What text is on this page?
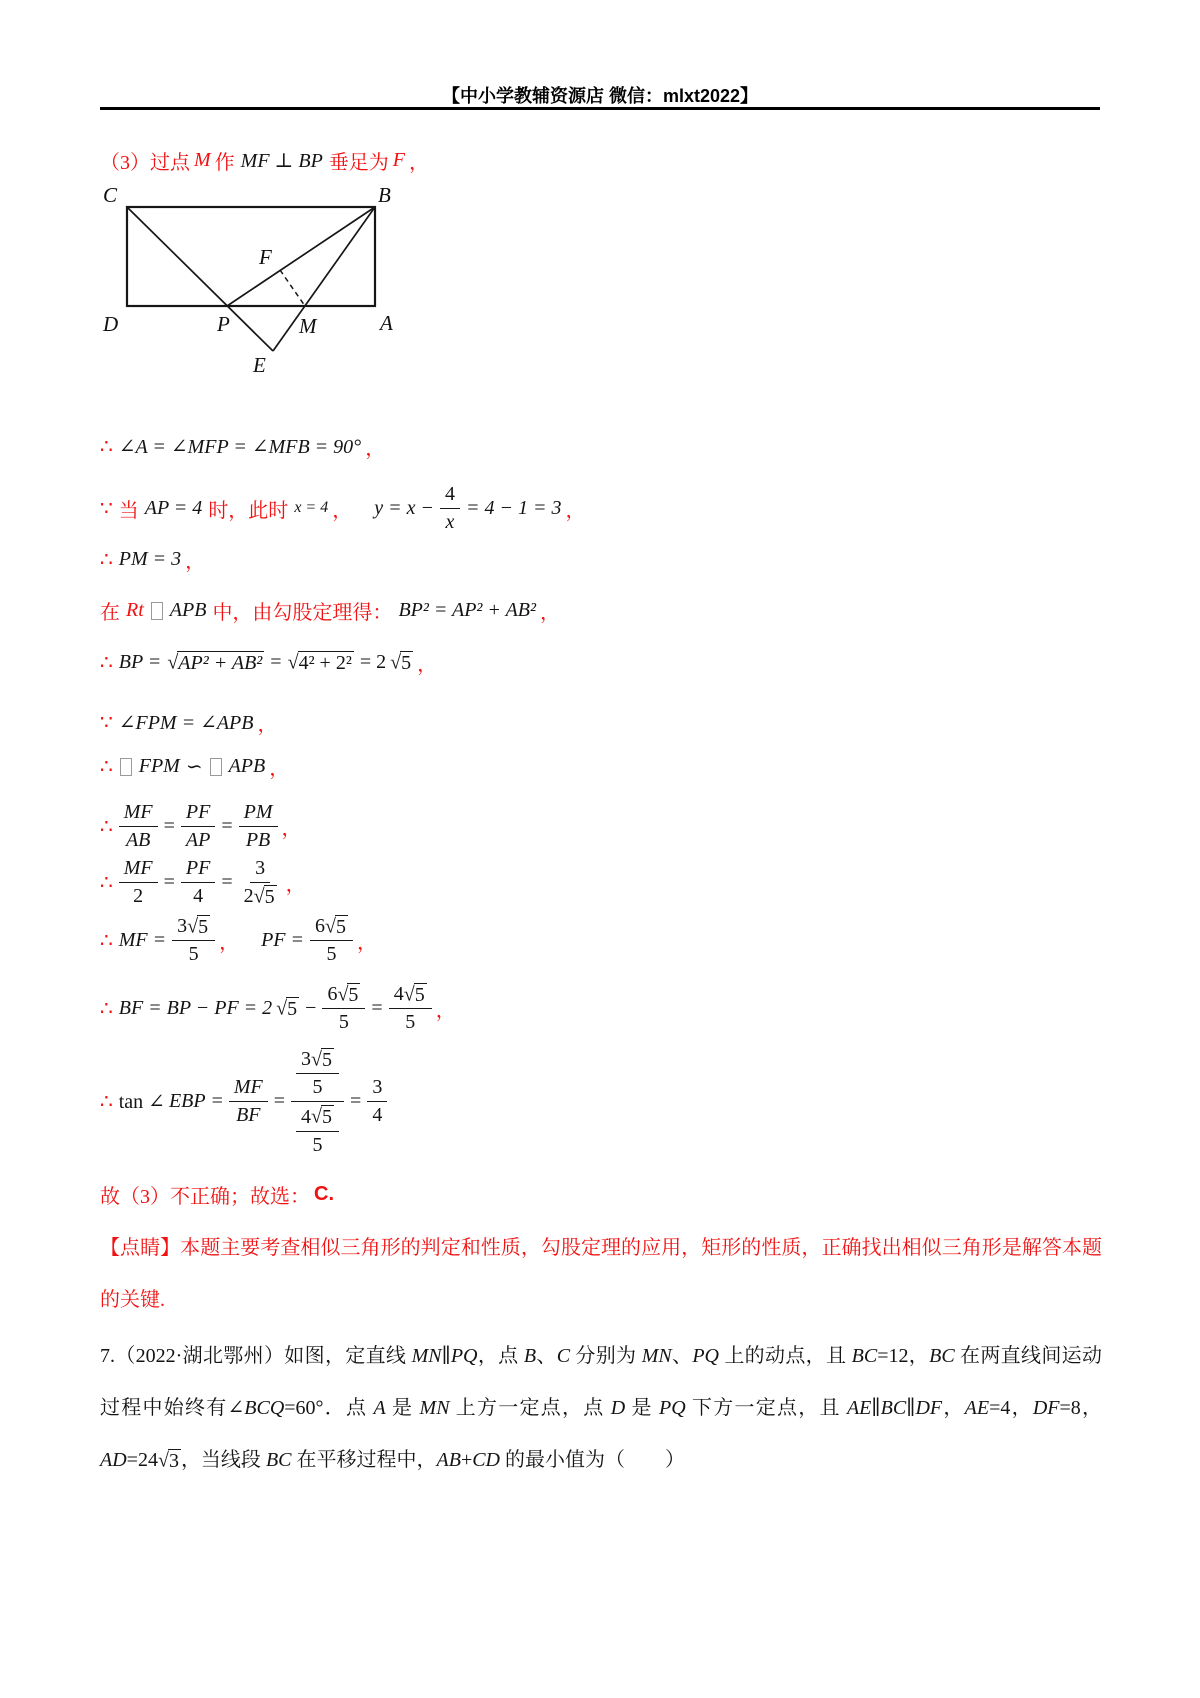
【中小学教辅资源店 微信：mlxt2022】
（3）过点 M 作 MF ⊥ BP 垂足为 F ，
C	B
D	A
P	M
F
E
∴ ∠A = ∠MFP = ∠MFB = 90° ，
∵ 当 AP = 4 时，此时 x = 4 ， $y = x - \frac{4}{x} = 4 - 1 = 3$ ，
∴ PM = 3 ，
在 Rt APB 中，由勾股定理得： BP² = AP² + AB² ，
∴ BP = √ AP² + AB² = √ 4² + 2² = 2 √ 5 ，
∵ ∠FPM = ∠APB ，
∴ FPM ∽ APB ，
∴ $\frac{MF}{AB} = \frac{PF}{AP} = \frac{PM}{PB}$ ，
∴ $\frac{MF}{2} = \frac{PF}{4} = \frac{3}{2 √ 5}$ ，
∴ MF = $\frac{3 √ 5}{5}$ ， PF = $\frac{6 √ 5}{5}$ ，
∴ BF = BP − PF = 2 √ $5 - \frac{6 √ 5}{5} = \frac{4 √ 5}{5}$ ，
∴ tan ∠ EBP = $\frac{MF}{BF} = 3$ √ 5
5
4 √ 5
$5 = \frac{3}{4}$
故（3）不正确；故选： C.
【点睛】本题主要考查相似三角形的判定和性质，勾股定理的应用，矩形的性质，正确找出相似三角形是解答本题的关键.
7.（2022·湖北鄂州）如图，定直线 MN∥PQ，点 B、C 分别为 MN、PQ 上的动点，且 BC=12，BC 在两直线间运动过程中始终有∠BCQ=60°．点 A 是 MN 上方一定点，点 D 是 PQ 下方一定点，且 AE∥BC∥DF，AE=4，DF=8，AD=24 √ 3 ，当线段 BC 在平移过程中，AB+CD 的最小值为（　　）
